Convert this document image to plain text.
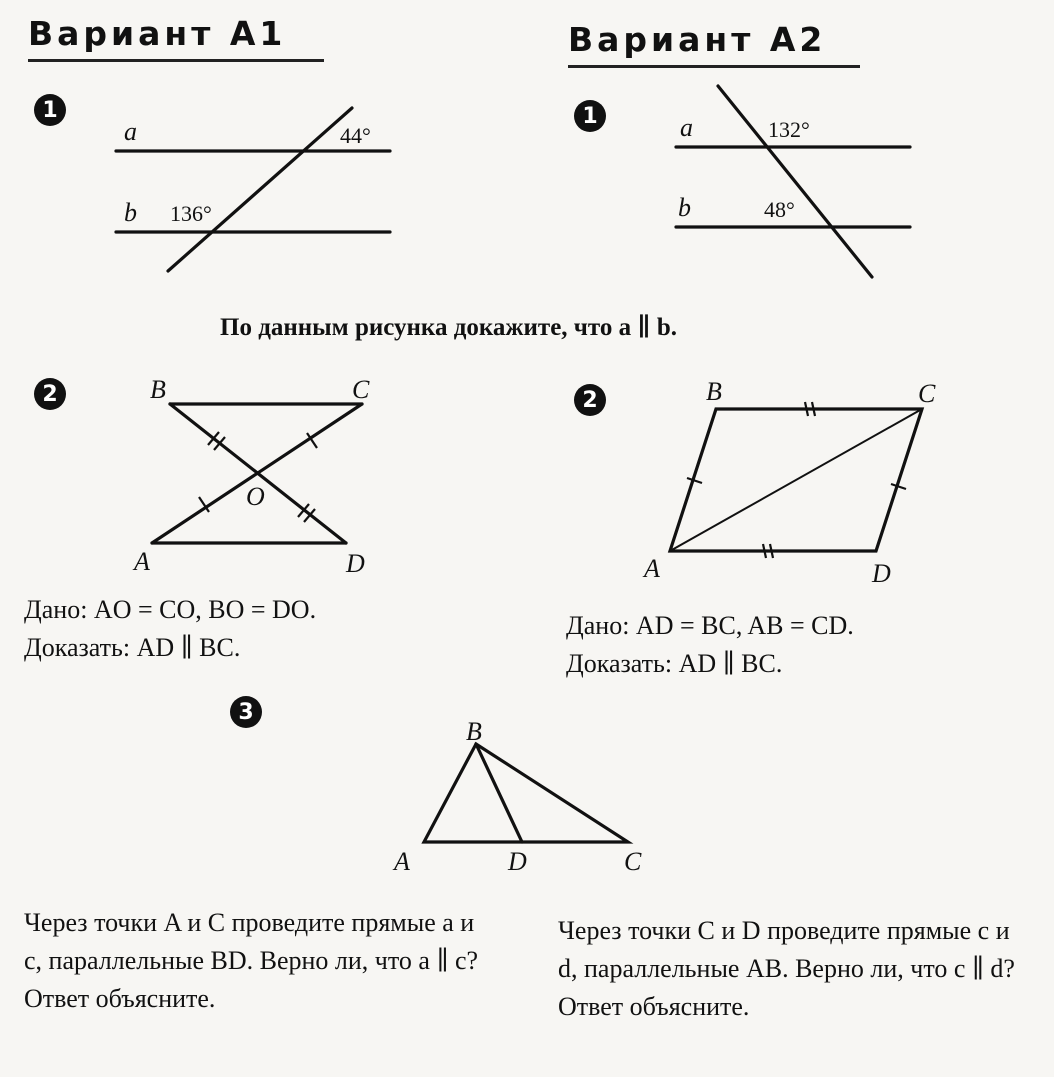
Вариант А1	Вариант А2
1	1
2	2
3
a
b
44°
136°
a
b
132°
48°
По данным рисунка докажите, что a ∥ b.
B	C
O
A	D
B	C
A	D
Дано: AO = CO, BO = DO.
Доказать: AD ∥ BC.
Дано: AD = BC, AB = CD.
Доказать: AD ∥ BC.
B
A	D	C
Через точки A и C проведите прямые a и c, параллельные BD. Верно ли, что a ∥ c? Ответ объясните.
Через точки C и D проведите прямые c и d, параллельные AB. Верно ли, что c ∥ d? Ответ объясните.
